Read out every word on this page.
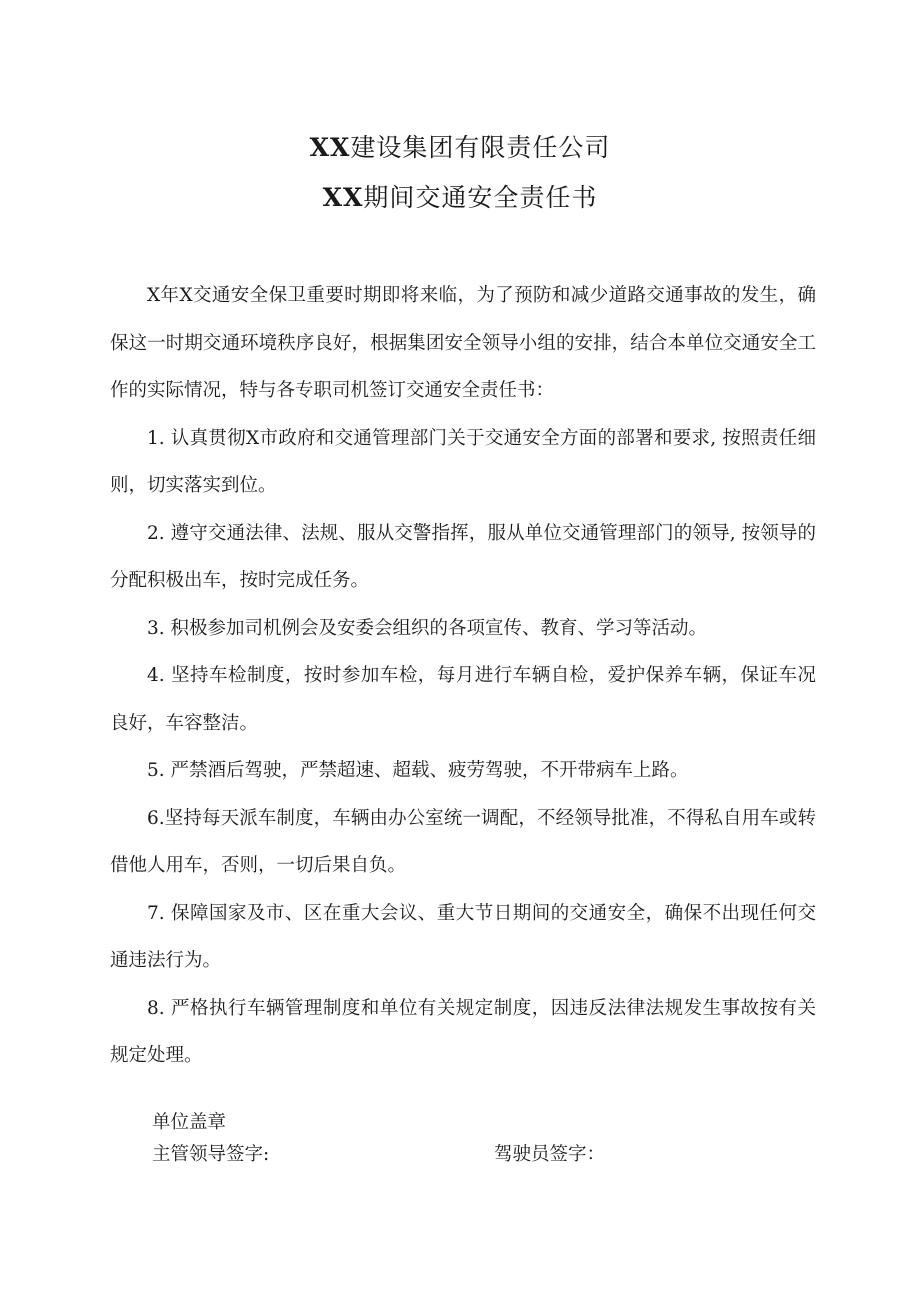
XX建设集团有限责任公司
XX期间交通安全责任书

X年X交通安全保卫重要时期即将来临，为了预防和减少道路交通事故的发生，确保这一时期交通环境秩序良好，根据集团安全领导小组的安排，结合本单位交通安全工作的实际情况，特与各专职司机签订交通安全责任书：

1. 认真贯彻X市政府和交通管理部门关于交通安全方面的部署和要求, 按照责任细则，切实落实到位。

2. 遵守交通法律、法规、服从交警指挥，服从单位交通管理部门的领导, 按领导的分配积极出车，按时完成任务。

3. 积极参加司机例会及安委会组织的各项宣传、教育、学习等活动。

4. 坚持车检制度，按时参加车检，每月进行车辆自检，爱护保养车辆，保证车况良好，车容整洁。

5. 严禁酒后驾驶，严禁超速、超载、疲劳驾驶，不开带病车上路。

6.坚持每天派车制度，车辆由办公室统一调配，不经领导批准，不得私自用车或转借他人用车，否则，一切后果自负。

7. 保障国家及市、区在重大会议、重大节日期间的交通安全，确保不出现任何交通违法行为。

8. 严格执行车辆管理制度和单位有关规定制度，因违反法律法规发生事故按有关规定处理。

单位盖章
主管领导签字:	驾驶员签字：
